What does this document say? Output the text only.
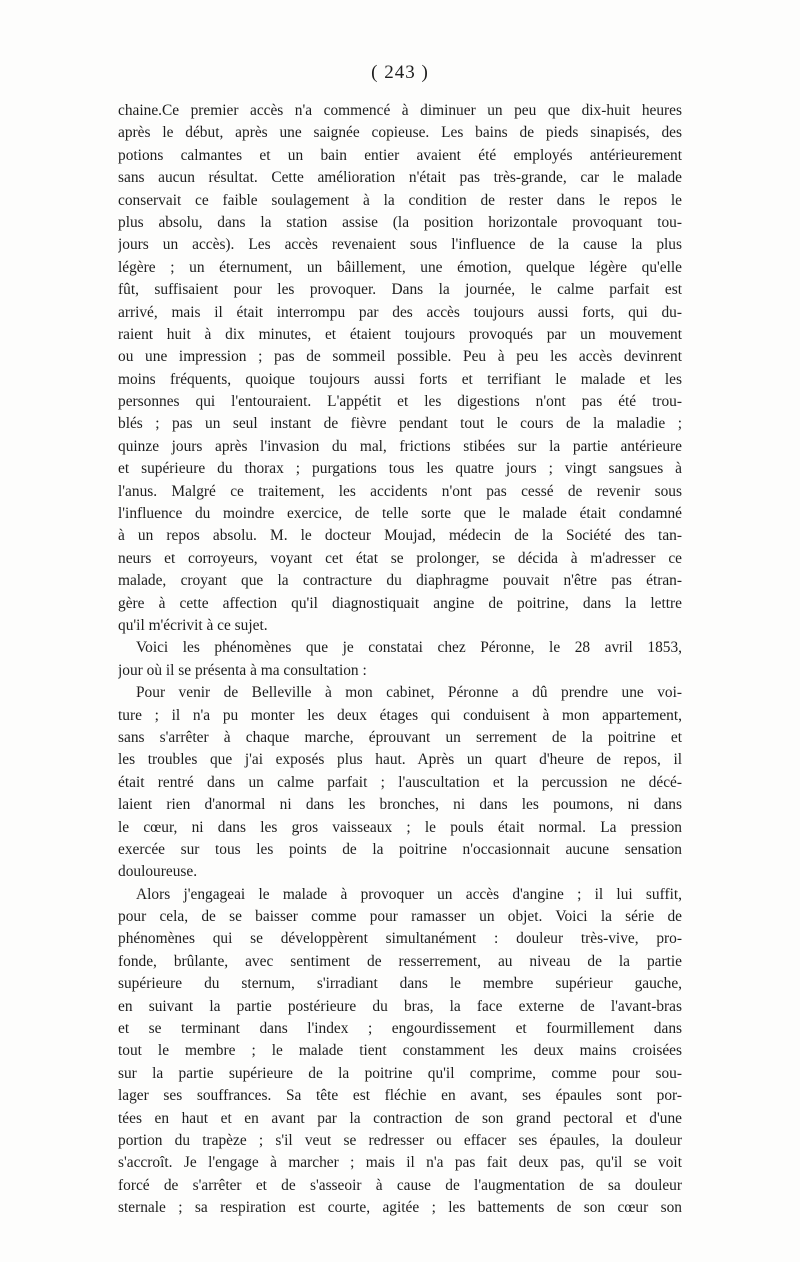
( 243 )
chaine.Ce premier accès n'a commencé à diminuer un peu que dix-huit heures
après le début, après une saignée copieuse. Les bains de pieds sinapisés, des
potions calmantes et un bain entier avaient été employés antérieurement
sans aucun résultat. Cette amélioration n'était pas très-grande, car le malade
conservait ce faible soulagement à la condition de rester dans le repos le
plus absolu, dans la station assise (la position horizontale provoquant tou-
jours un accès). Les accès revenaient sous l'influence de la cause la plus
légère ; un éternument, un bâillement, une émotion, quelque légère qu'elle
fût, suffisaient pour les provoquer. Dans la journée, le calme parfait est
arrivé, mais il était interrompu par des accès toujours aussi forts, qui du-
raient huit à dix minutes, et étaient toujours provoqués par un mouvement
ou une impression ; pas de sommeil possible. Peu à peu les accès devinrent
moins fréquents, quoique toujours aussi forts et terrifiant le malade et les
personnes qui l'entouraient. L'appétit et les digestions n'ont pas été trou-
blés ; pas un seul instant de fièvre pendant tout le cours de la maladie ;
quinze jours après l'invasion du mal, frictions stibées sur la partie antérieure
et supérieure du thorax ; purgations tous les quatre jours ; vingt sangsues à
l'anus. Malgré ce traitement, les accidents n'ont pas cessé de revenir sous
l'influence du moindre exercice, de telle sorte que le malade était condamné
à un repos absolu. M. le docteur Moujad, médecin de la Société des tan-
neurs et corroyeurs, voyant cet état se prolonger, se décida à m'adresser ce
malade, croyant que la contracture du diaphragme pouvait n'être pas étran-
gère à cette affection qu'il diagnostiquait angine de poitrine, dans la lettre
qu'il m'écrivit à ce sujet.
Voici les phénomènes que je constatai chez Péronne, le 28 avril 1853,
jour où il se présenta à ma consultation :
Pour venir de Belleville à mon cabinet, Péronne a dû prendre une voi-
ture ; il n'a pu monter les deux étages qui conduisent à mon appartement,
sans s'arrêter à chaque marche, éprouvant un serrement de la poitrine et
les troubles que j'ai exposés plus haut. Après un quart d'heure de repos, il
était rentré dans un calme parfait ; l'auscultation et la percussion ne décé-
laient rien d'anormal ni dans les bronches, ni dans les poumons, ni dans
le cœur, ni dans les gros vaisseaux ; le pouls était normal. La pression
exercée sur tous les points de la poitrine n'occasionnait aucune sensation
douloureuse.
Alors j'engageai le malade à provoquer un accès d'angine ; il lui suffit,
pour cela, de se baisser comme pour ramasser un objet. Voici la série de
phénomènes qui se développèrent simultanément : douleur très-vive, pro-
fonde, brûlante, avec sentiment de resserrement, au niveau de la partie
supérieure du sternum, s'irradiant dans le membre supérieur gauche,
en suivant la partie postérieure du bras, la face externe de l'avant-bras
et se terminant dans l'index ; engourdissement et fourmillement dans
tout le membre ; le malade tient constamment les deux mains croisées
sur la partie supérieure de la poitrine qu'il comprime, comme pour sou-
lager ses souffrances. Sa tête est fléchie en avant, ses épaules sont por-
tées en haut et en avant par la contraction de son grand pectoral et d'une
portion du trapèze ; s'il veut se redresser ou effacer ses épaules, la douleur
s'accroît. Je l'engage à marcher ; mais il n'a pas fait deux pas, qu'il se voit
forcé de s'arrêter et de s'asseoir à cause de l'augmentation de sa douleur
sternale ; sa respiration est courte, agitée ; les battements de son cœur son
